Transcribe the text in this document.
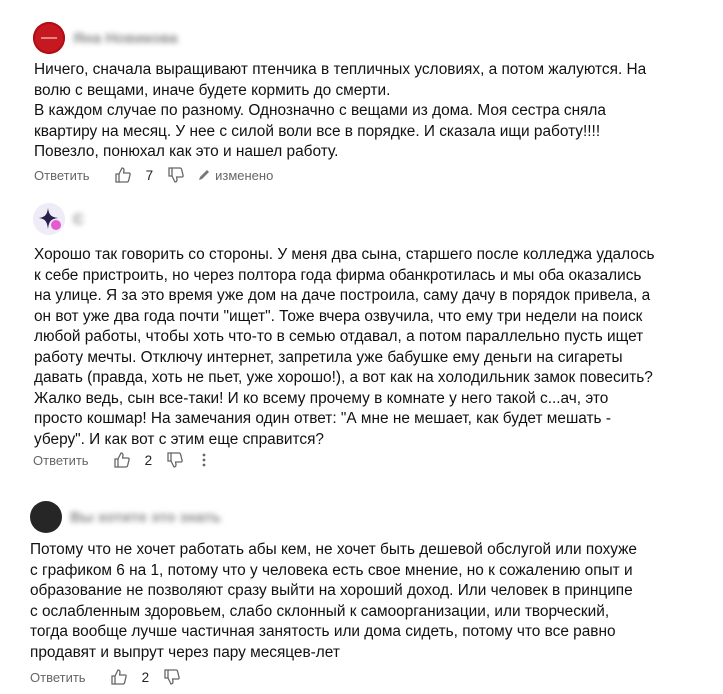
Яна Новикова
Ничего, сначала выращивают птенчика в тепличных условиях, а потом жалуются. На
волю с вещами, иначе будете кормить до смерти.
В каждом случае по разному. Однозначно с вещами из дома. Моя сестра сняла
квартиру на месяц. У нее с силой воли все в порядке. И сказала ищи работу!!!!
Повезло, понюхал как это и нашел работу.
Ответить	7	изменено
С
Хорошо так говорить со стороны. У меня два сына, старшего после колледжа удалось
к себе пристроить, но через полтора года фирма обанкротилась и мы оба оказались
на улице. Я за это время уже дом на даче построила, саму дачу в порядок привела, а
он вот уже два года почти "ищет". Тоже вчера озвучила, что ему три недели на поиск
любой работы, чтобы хоть что-то в семью отдавал, а потом параллельно пусть ищет
работу мечты. Отключу интернет, запретила уже бабушке ему деньги на сигареты
давать (правда, хоть не пьет, уже хорошо!), а вот как на холодильник замок повесить?
Жалко ведь, сын все-таки! И ко всему прочему в комнате у него такой с...ач, это
просто кошмар! На замечания один ответ: "А мне не мешает, как будет мешать -
уберу". И как вот с этим еще справится?
Ответить	2
Вы хотите это знать
Потому что не хочет работать абы кем, не хочет быть дешевой обслугой или похуже
с графиком 6 на 1, потому что у человека есть свое мнение, но к сожалению опыт и
образование не позволяют сразу выйти на хороший доход. Или человек в принципе
с ослабленным здоровьем, слабо склонный к самоорганизации, или творческий,
тогда вообще лучше частичная занятость или дома сидеть, потому что все равно
продавят и выпрут через пару месяцев-лет
Ответить	2
